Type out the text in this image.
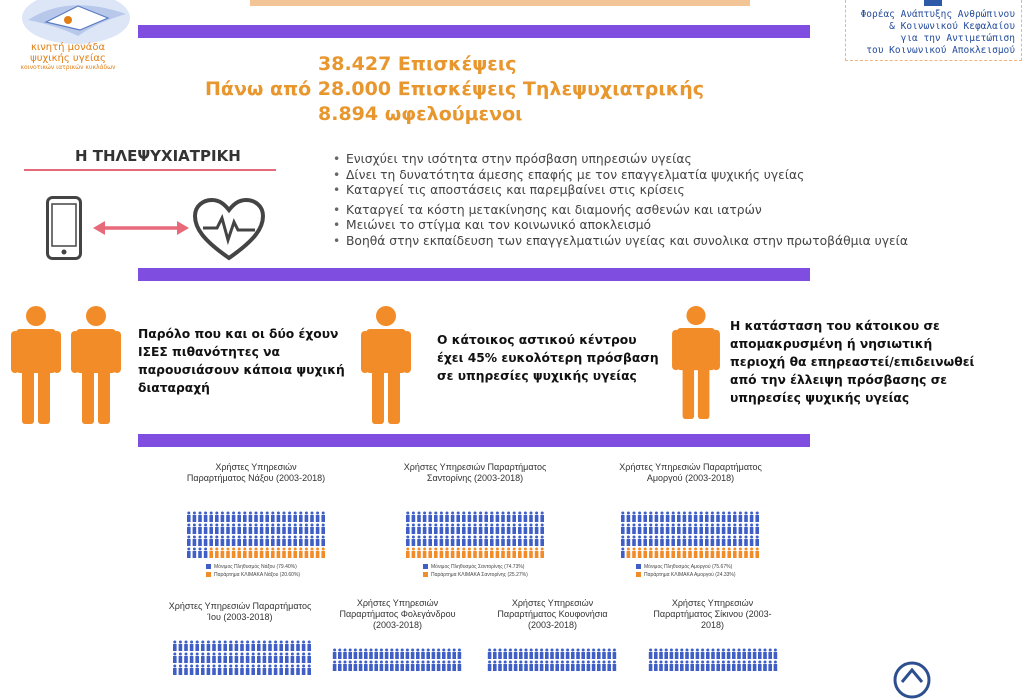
κινητή μονάδα
ψυχικής υγείας
κοινοτικών ιατρικών κυκλάδων
Φορέας Ανάπτυξης Ανθρώπινου
& Κοινωνικού Κεφαλαίου
για την Αντιμετώπιση
του Κοινωνικού Αποκλεισμού
38.427 Επισκέψεις
Πάνω από 28.000 Επισκέψεις Τηλεψυχιατρικής
8.894 ωφελούμενοι
Η ΤΗΛΕΨΥΧΙΑΤΡΙΚΗ
•	Ενισχύει την ισότητα στην πρόσβαση υπηρεσιών υγείας
• Δίνει τη δυνατότητα άμεσης επαφής με τον επαγγελματία ψυχικής υγείας
• Καταργεί τις αποστάσεις και παρεμβαίνει στις κρίσεις
• Καταργεί τα κόστη μετακίνησης και διαμονής ασθενών και ιατρών
• Μειώνει το στίγμα και τον κοινωνικό αποκλεισμό
• Βοηθά στην εκπαίδευση των επαγγελματιών υγείας και συνολικα στην πρωτοβάθμια υγεία
Παρόλο που και οι δύο έχουν ΙΣΕΣ πιθανότητες να παρουσιάσουν κάποια ψυχική διαταραχή
Ο κάτοικος αστικού κέντρου έχει 45% ευκολότερη πρόσβαση σε υπηρεσίες ψυχικής υγείας
Η κατάσταση του κάτοικου σε απομακρυσμένη ή νησιωτική περιοχή θα επηρεαστεί/επιδεινωθεί από την έλλειψη πρόσβασης σε υπηρεσίες ψυχικής υγείας
Χρήστες Υπηρεσιών Παραρτήματος Νάξου (2003-2018)
Μόνιμος Πληθυσμός Νάξου (79.40%)
Παράρτημα ΚΛΙΜΑΚΑ Νάξου (20.60%)
Χρήστες Υπηρεσιών Παραρτήματος Σαντορίνης (2003-2018)
Μόνιμος Πληθυσμός Σαντορίνης (74.73%)
Παράρτημα ΚΛΙΜΑΚΑ Σαντορίνης (25.27%)
Χρήστες Υπηρεσιών Παραρτήματος Αμοργού (2003-2018)
Μόνιμος Πληθυσμός Αμοργού (75.67%)
Παράρτημα ΚΛΙΜΑΚΑ Αμοργού (24.33%)
Χρήστες Υπηρεσιών Παραρτήματος Ίου (2003-2018)
Χρήστες Υπηρεσιών Παραρτήματος Φολεγάνδρου (2003-2018)
Χρήστες Υπηρεσιών Παραρτήματος Κουφονήσια (2003-2018)
Χρήστες Υπηρεσιών Παραρτήματος Σίκινου (2003-2018)
